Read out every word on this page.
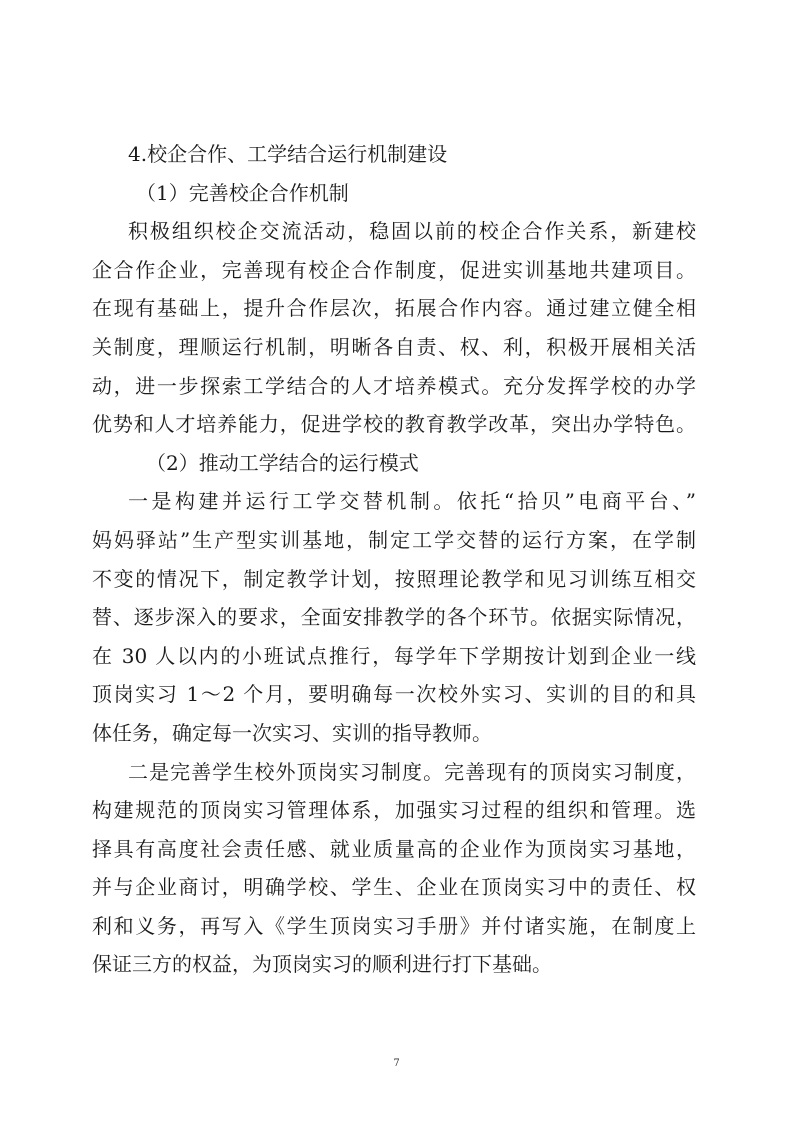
4.校企合作、工学结合运行机制建设
（1）完善校企合作机制
积极组织校企交流活动，稳固以前的校企合作关系，新建校
企合作企业，完善现有校企合作制度，促进实训基地共建项目。
在现有基础上，提升合作层次，拓展合作内容。通过建立健全相
关制度，理顺运行机制，明晰各自责、权、利，积极开展相关活
动，进一步探索工学结合的人才培养模式。充分发挥学校的办学
优势和人才培养能力，促进学校的教育教学改革，突出办学特色。
（2）推动工学结合的运行模式
一是构建并运行工学交替机制。依托“拾贝”电商平台、”
妈妈驿站”生产型实训基地，制定工学交替的运行方案，在学制
不变的情况下，制定教学计划，按照理论教学和见习训练互相交
替、逐步深入的要求，全面安排教学的各个环节。依据实际情况，
在 30 人以内的小班试点推行，每学年下学期按计划到企业一线
顶岗实习 1～2 个月，要明确每一次校外实习、实训的目的和具
体任务，确定每一次实习、实训的指导教师。
二是完善学生校外顶岗实习制度。完善现有的顶岗实习制度，
构建规范的顶岗实习管理体系，加强实习过程的组织和管理。选
择具有高度社会责任感、就业质量高的企业作为顶岗实习基地，
并与企业商讨，明确学校、学生、企业在顶岗实习中的责任、权
利和义务，再写入《学生顶岗实习手册》并付诸实施，在制度上
保证三方的权益，为顶岗实习的顺利进行打下基础。
7
